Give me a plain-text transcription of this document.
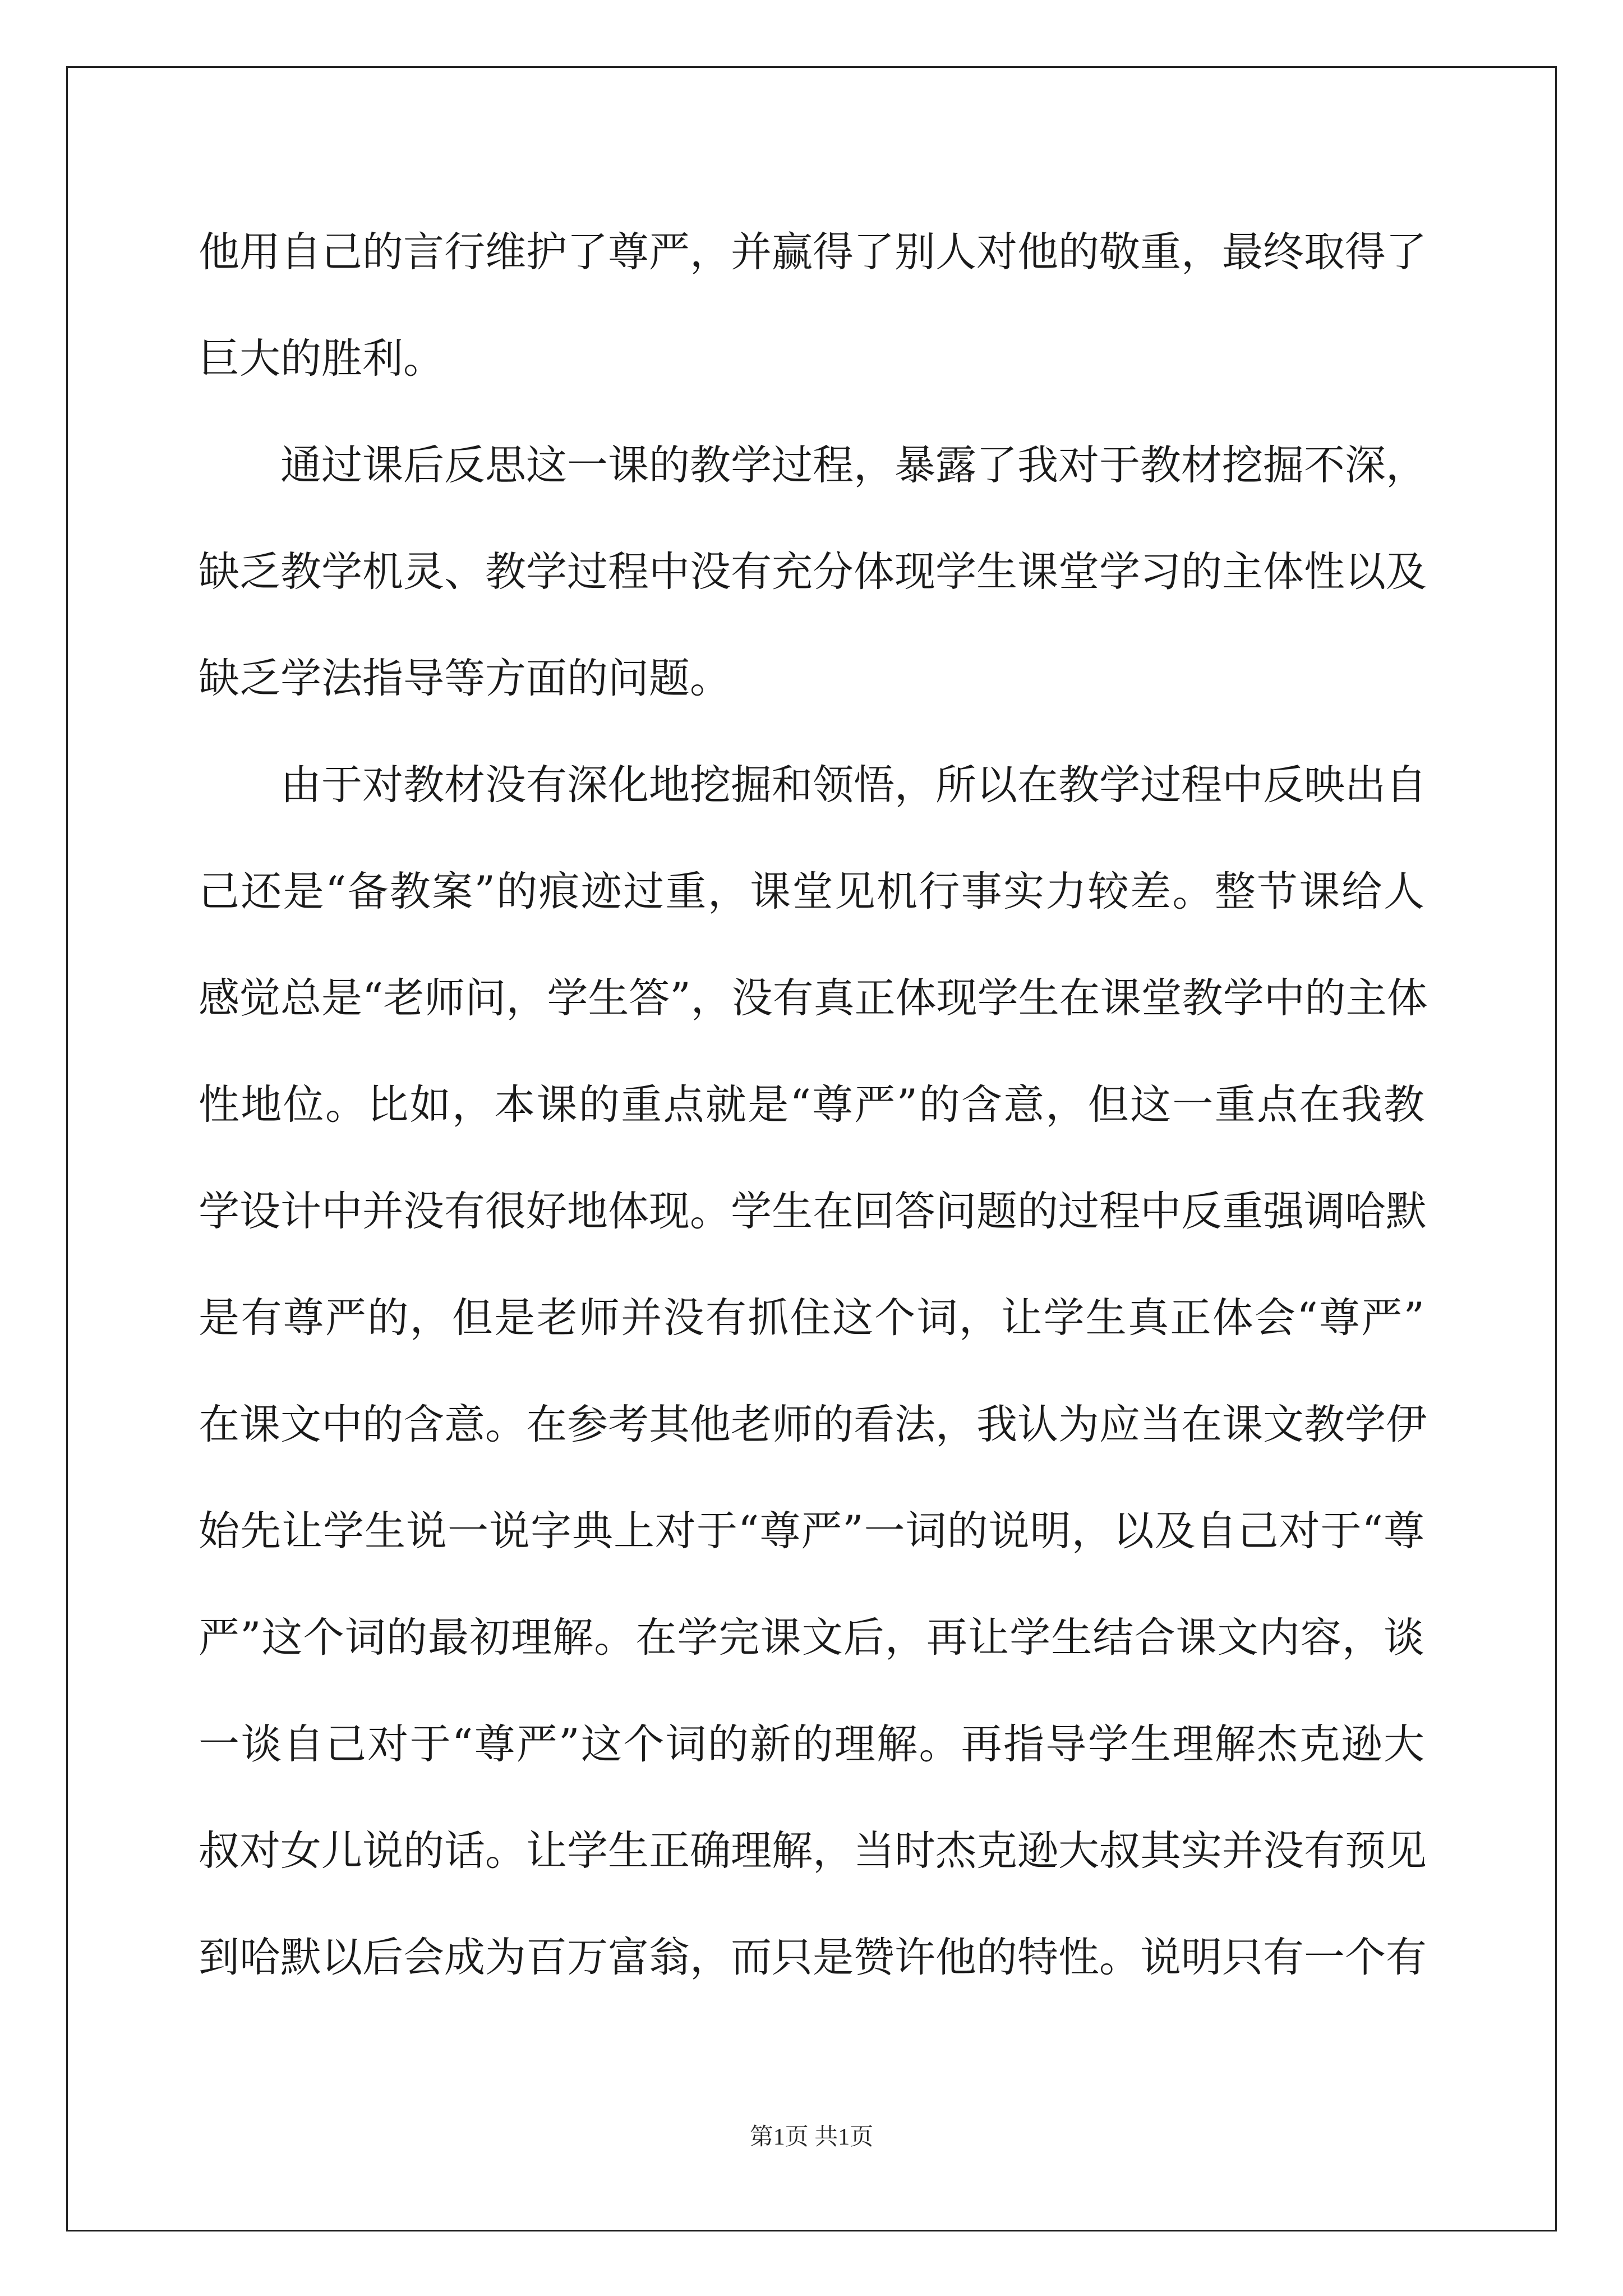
他用自己的言行维护了尊严，并赢得了别人对他的敬重，最终取得了
巨大的胜利。
通过课后反思这一课的教学过程，暴露了我对于教材挖掘不深，
缺乏教学机灵、教学过程中没有充分体现学生课堂学习的主体性以及
缺乏学法指导等方面的问题。
由于对教材没有深化地挖掘和领悟，所以在教学过程中反映出自
己还是“备教案”的痕迹过重，课堂见机行事实力较差。整节课给人
感觉总是“老师问，学生答”，没有真正体现学生在课堂教学中的主体
性地位。比如，本课的重点就是“尊严”的含意，但这一重点在我教
学设计中并没有很好地体现。学生在回答问题的过程中反重强调哈默
是有尊严的，但是老师并没有抓住这个词，让学生真正体会“尊严”
在课文中的含意。在参考其他老师的看法，我认为应当在课文教学伊
始先让学生说一说字典上对于“尊严”一词的说明，以及自己对于“尊
严”这个词的最初理解。在学完课文后，再让学生结合课文内容，谈
一谈自己对于“尊严”这个词的新的理解。再指导学生理解杰克逊大
叔对女儿说的话。让学生正确理解，当时杰克逊大叔其实并没有预见
到哈默以后会成为百万富翁，而只是赞许他的特性。说明只有一个有
第1页 共1页
